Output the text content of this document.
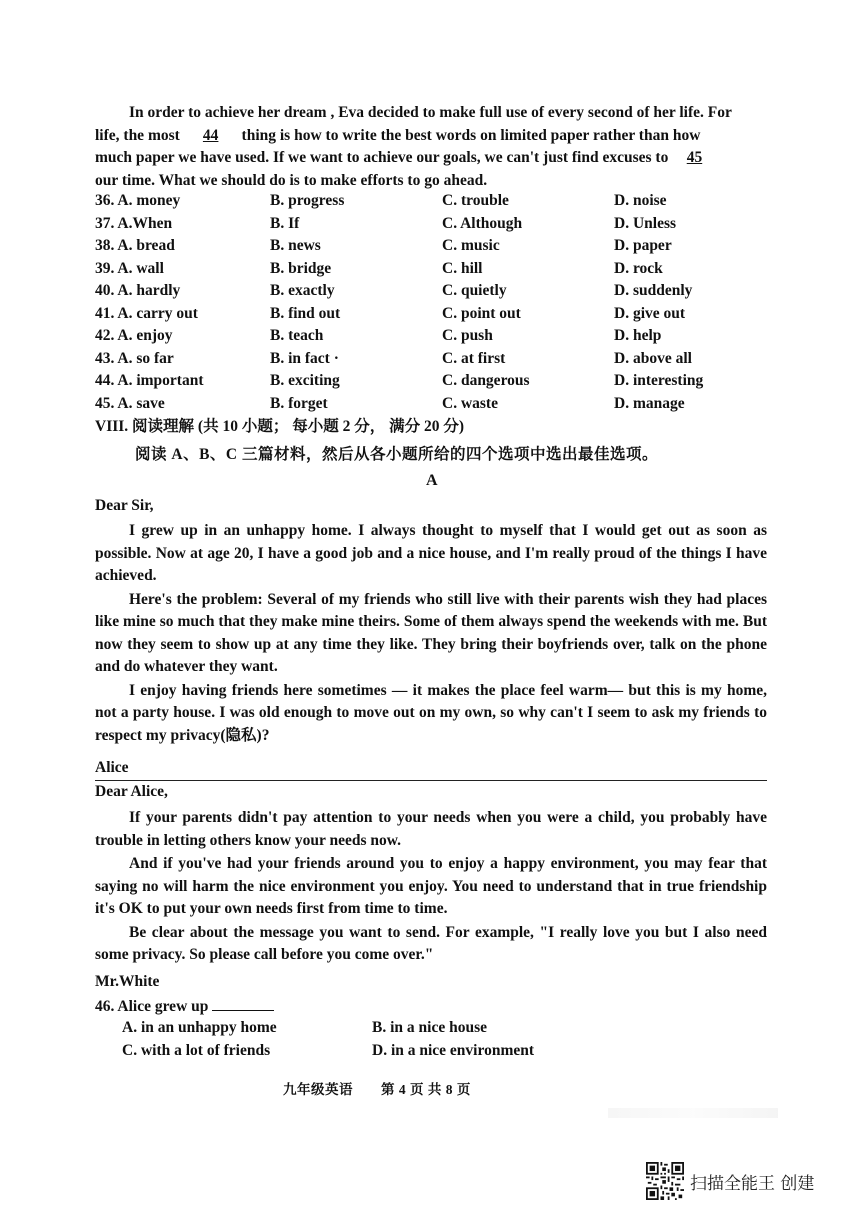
In order to achieve her dream , Eva decided to make full use of every second of her life. For

life, the most 44 thing is how to write the best words on limited paper rather than how

much paper we have used. If we want to achieve our goals, we can't just find excuses to 45

our time. What we should do is to make efforts to go ahead.

36. A. money	B. progress	C. trouble	D. noise
37. A.When	B. If	C. Although	D. Unless
38. A. bread	B. news	C. music	D. paper
39. A. wall	B. bridge	C. hill	D. rock
40. A. hardly	B. exactly	C. quietly	D. suddenly
41. A. carry out	B. find out	C. point out	D. give out
42. A. enjoy	B. teach	C. push	D. help
43. A. so far	B. in fact ·	C. at first	D. above all
44. A. important	B. exciting	C. dangerous	D. interesting
45. A. save	B. forget	C. waste	D. manage
VIII. 阅读理解 (共 10 小题； 每小题 2 分， 满分 20 分)
阅读 A、B、C 三篇材料，然后从各小题所给的四个选项中选出最佳选项。
A
Dear Sir,

I grew up in an unhappy home. I always thought to myself that I would get out as soon as possible. Now at age 20, I have a good job and a nice house, and I'm really proud of the things I have achieved.

Here's the problem: Several of my friends who still live with their parents wish they had places like mine so much that they make mine theirs. Some of them always spend the weekends with me. But now they seem to show up at any time they like. They bring their boyfriends over, talk on the phone and do whatever they want.

I enjoy having friends here sometimes — it makes the place feel warm— but this is my home, not a party house. I was old enough to move out on my own, so why can't I seem to ask my friends to respect my privacy(隐私)?

Alice
Dear Alice,

If your parents didn't pay attention to your needs when you were a child, you probably have trouble in letting others know your needs now.

And if you've had your friends around you to enjoy a happy environment, you may fear that saying no will harm the nice environment you enjoy. You need to understand that in true friendship it's OK to put your own needs first from time to time.

Be clear about the message you want to send. For example, "I really love you but I also need some privacy. So please call before you come over."

Mr.White
46. Alice grew up
A. in an unhappy home	B. in a nice house
C. with a lot of friends	D. in a nice environment
九年级英语　　第 4 页 共 8 页
扫描全能王 创建
